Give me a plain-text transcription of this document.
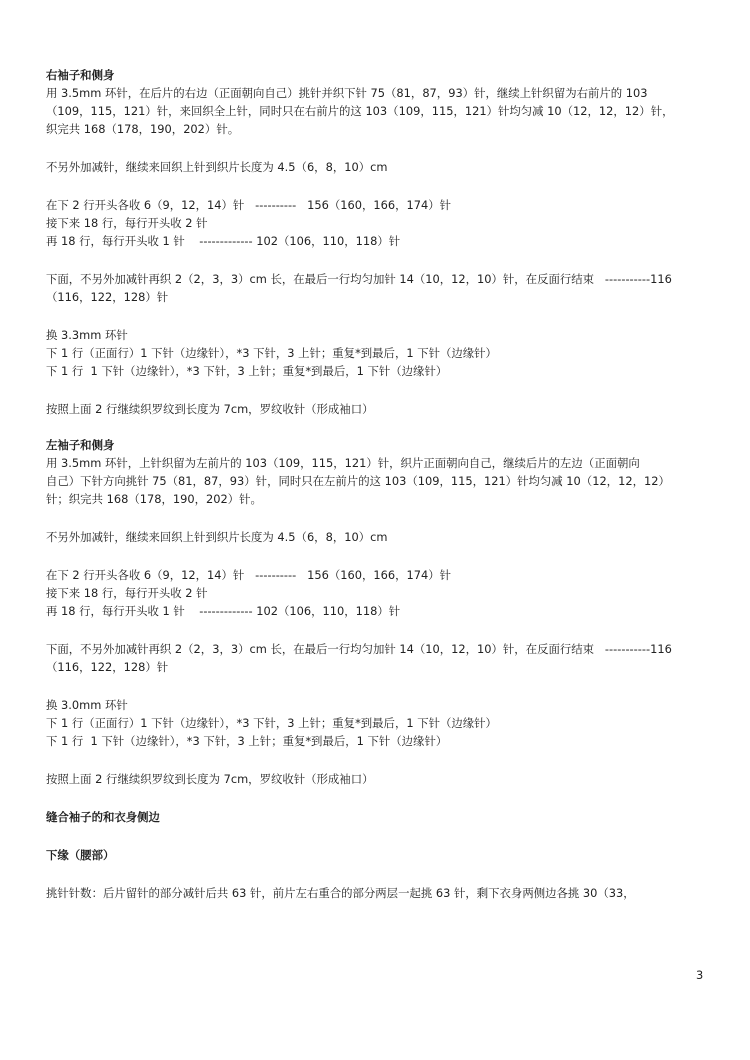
右袖子和侧身

用 3.5mm 环针，在后片的右边（正面朝向自己）挑针并织下针 75（81，87，93）针，继续上针织留为右前片的 103

（109，115，121）针，来回织全上针，同时只在右前片的这 103（109，115，121）针均匀减 10（12，12，12）针，

织完共 168（178，190，202）针。

不另外加减针，继续来回织上针到织片长度为 4.5（6，8，10）cm

在下 2 行开头各收 6（9，12，14）针   ----------   156（160，166，174）针

接下来 18 行，每行开头收 2 针

再 18 行，每行开头收 1 针    ------------- 102（106，110，118）针

下面，不另外加减针再织 2（2，3，3）cm 长，在最后一行均匀加针 14（10，12，10）针，在反面行结束   -----------116

（116，122，128）针

换 3.3mm 环针

下 1 行（正面行）1 下针（边缘针），*3 下针，3 上针；重复*到最后，1 下针（边缘针）

下 1 行  1 下针（边缘针），*3 下针，3 上针；重复*到最后，1 下针（边缘针）

按照上面 2 行继续织罗纹到长度为 7cm，罗纹收针（形成袖口）

左袖子和侧身

用 3.5mm 环针，上针织留为左前片的 103（109，115，121）针，织片正面朝向自己，继续后片的左边（正面朝向

自己）下针方向挑针 75（81，87，93）针，同时只在左前片的这 103（109，115，121）针均匀减 10（12，12，12）

针；织完共 168（178，190，202）针。

不另外加减针，继续来回织上针到织片长度为 4.5（6，8，10）cm

在下 2 行开头各收 6（9，12，14）针   ----------   156（160，166，174）针

接下来 18 行，每行开头收 2 针

再 18 行，每行开头收 1 针    ------------- 102（106，110，118）针

下面，不另外加减针再织 2（2，3，3）cm 长，在最后一行均匀加针 14（10，12，10）针，在反面行结束   -----------116

（116，122，128）针

换 3.0mm 环针

下 1 行（正面行）1 下针（边缘针），*3 下针，3 上针；重复*到最后，1 下针（边缘针）

下 1 行  1 下针（边缘针），*3 下针，3 上针；重复*到最后，1 下针（边缘针）

按照上面 2 行继续织罗纹到长度为 7cm，罗纹收针（形成袖口）

缝合袖子的和衣身侧边

下缘（腰部）

挑针针数：后片留针的部分减针后共 63 针，前片左右重合的部分两层一起挑 63 针，剩下衣身两侧边各挑 30（33，

3
